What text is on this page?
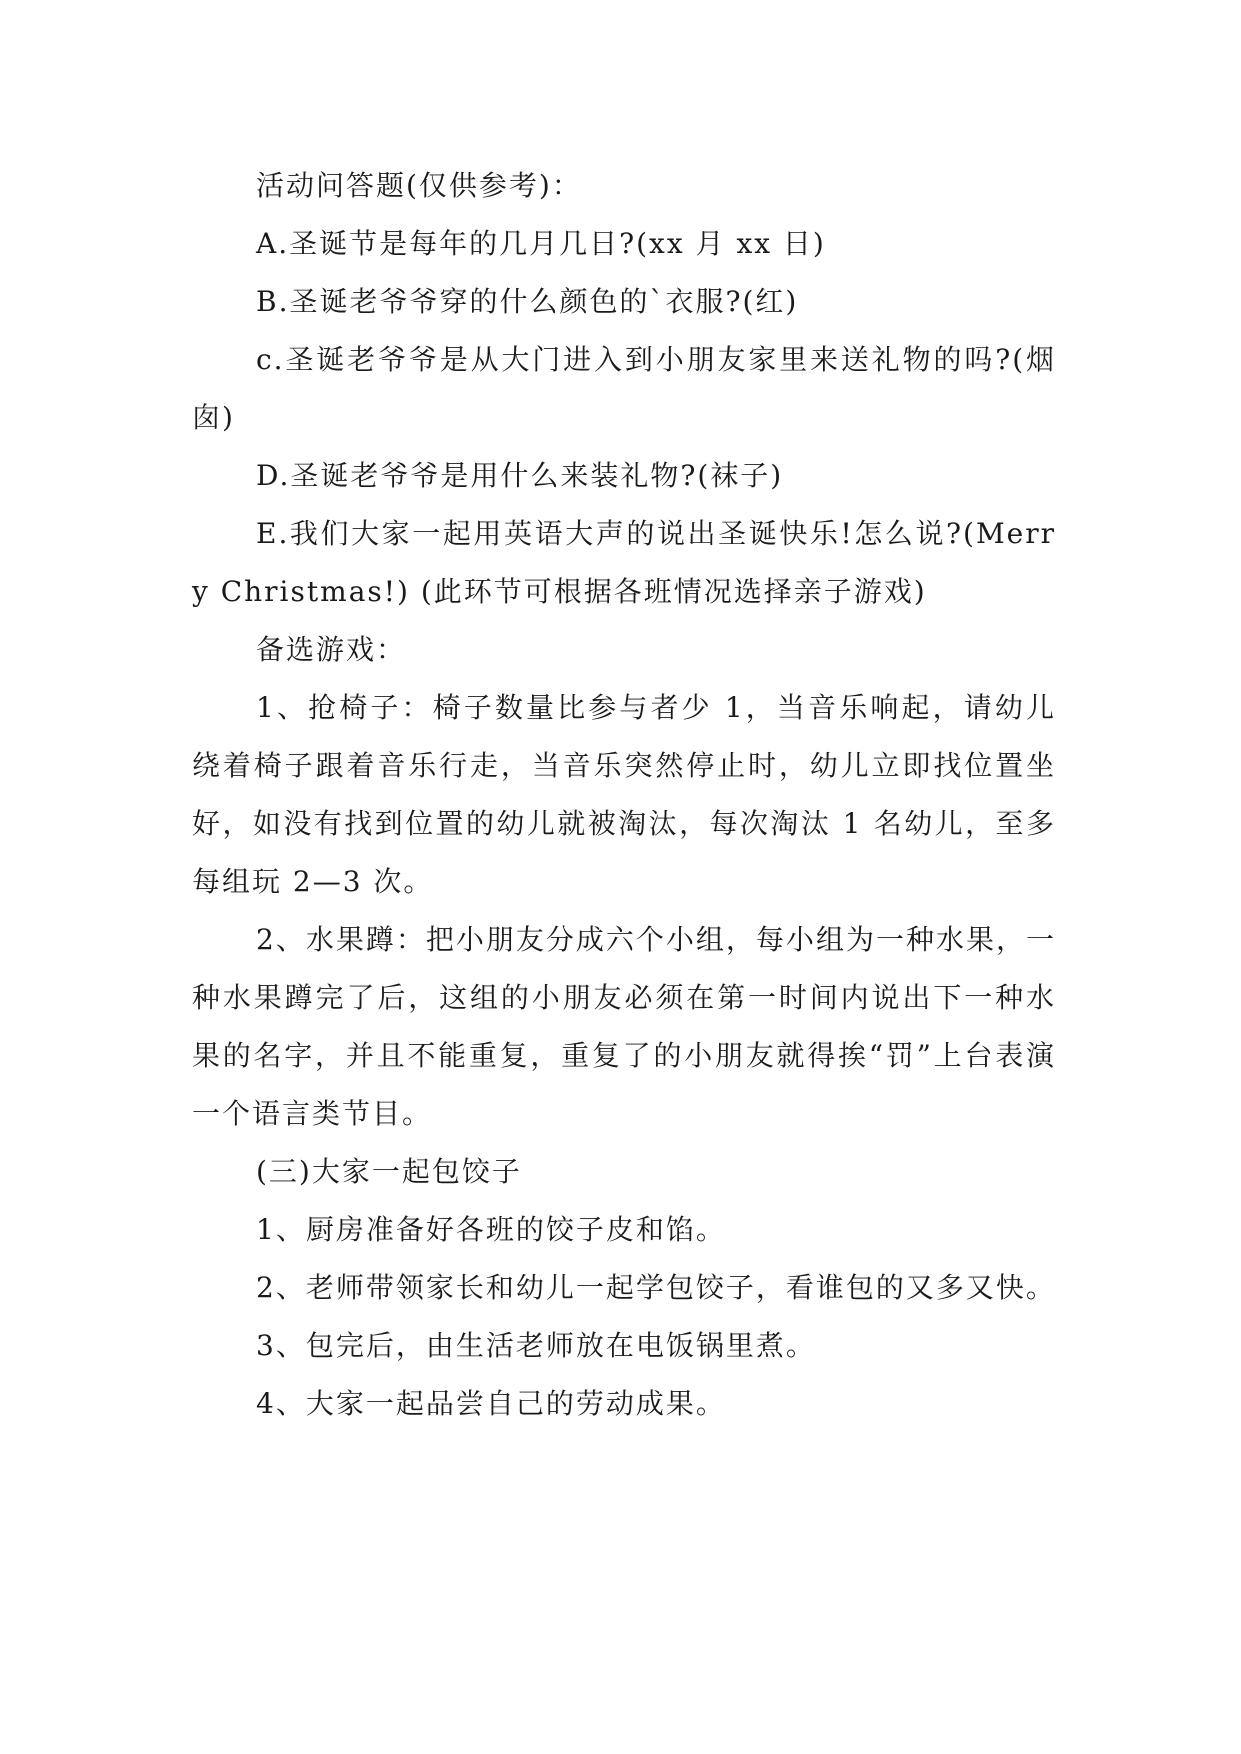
活动问答题(仅供参考)：

A.圣诞节是每年的几月几日?(xx 月 xx 日)

B.圣诞老爷爷穿的什么颜色的`衣服?(红)

c.圣诞老爷爷是从大门进入到小朋友家里来送礼物的吗?(烟囱)

D.圣诞老爷爷是用什么来装礼物?(袜子)

E.我们大家一起用英语大声的说出圣诞快乐!怎么说?(Merry Christmas!) (此环节可根据各班情况选择亲子游戏)

备选游戏：

1、抢椅子：椅子数量比参与者少 1，当音乐响起，请幼儿绕着椅子跟着音乐行走，当音乐突然停止时，幼儿立即找位置坐好，如没有找到位置的幼儿就被淘汰，每次淘汰 1 名幼儿，至多每组玩 2—3 次。

2、水果蹲：把小朋友分成六个小组，每小组为一种水果，一种水果蹲完了后，这组的小朋友必须在第一时间内说出下一种水果的名字，并且不能重复，重复了的小朋友就得挨“罚”上台表演一个语言类节目。

(三)大家一起包饺子

1、厨房准备好各班的饺子皮和馅。

2、老师带领家长和幼儿一起学包饺子，看谁包的又多又快。

3、包完后，由生活老师放在电饭锅里煮。

4、大家一起品尝自己的劳动成果。
